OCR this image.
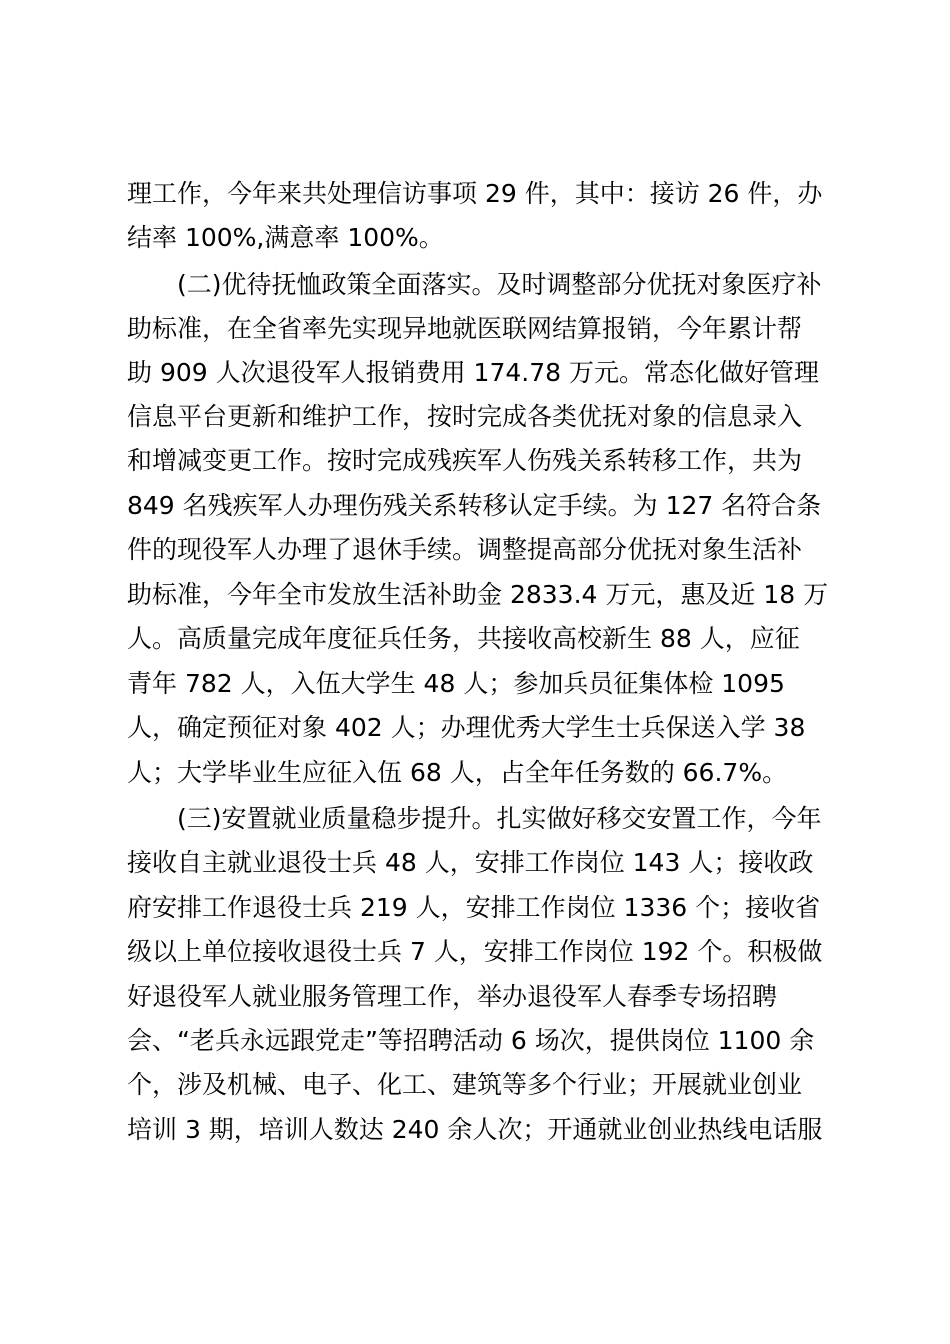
理工作，今年来共处理信访事项 29 件，其中：接访 26 件，办
结率 100%,满意率 100%。
(二)优待抚恤政策全面落实。及时调整部分优抚对象医疗补
助标准，在全省率先实现异地就医联网结算报销，今年累计帮
助 909 人次退役军人报销费用 174.78 万元。常态化做好管理
信息平台更新和维护工作，按时完成各类优抚对象的信息录入
和增减变更工作。按时完成残疾军人伤残关系转移工作，共为
849 名残疾军人办理伤残关系转移认定手续。为 127 名符合条
件的现役军人办理了退休手续。调整提高部分优抚对象生活补
助标准，今年全市发放生活补助金 2833.4 万元，惠及近 18 万
人。高质量完成年度征兵任务，共接收高校新生 88 人，应征
青年 782 人，入伍大学生 48 人；参加兵员征集体检 1095
人，确定预征对象 402 人；办理优秀大学生士兵保送入学 38
人；大学毕业生应征入伍 68 人，占全年任务数的 66.7%。
(三)安置就业质量稳步提升。扎实做好移交安置工作，今年
接收自主就业退役士兵 48 人，安排工作岗位 143 人；接收政
府安排工作退役士兵 219 人，安排工作岗位 1336 个；接收省
级以上单位接收退役士兵 7 人，安排工作岗位 192 个。积极做
好退役军人就业服务管理工作，举办退役军人春季专场招聘
会、“老兵永远跟党走”等招聘活动 6 场次，提供岗位 1100 余
个，涉及机械、电子、化工、建筑等多个行业；开展就业创业
培训 3 期，培训人数达 240 余人次；开通就业创业热线电话服
